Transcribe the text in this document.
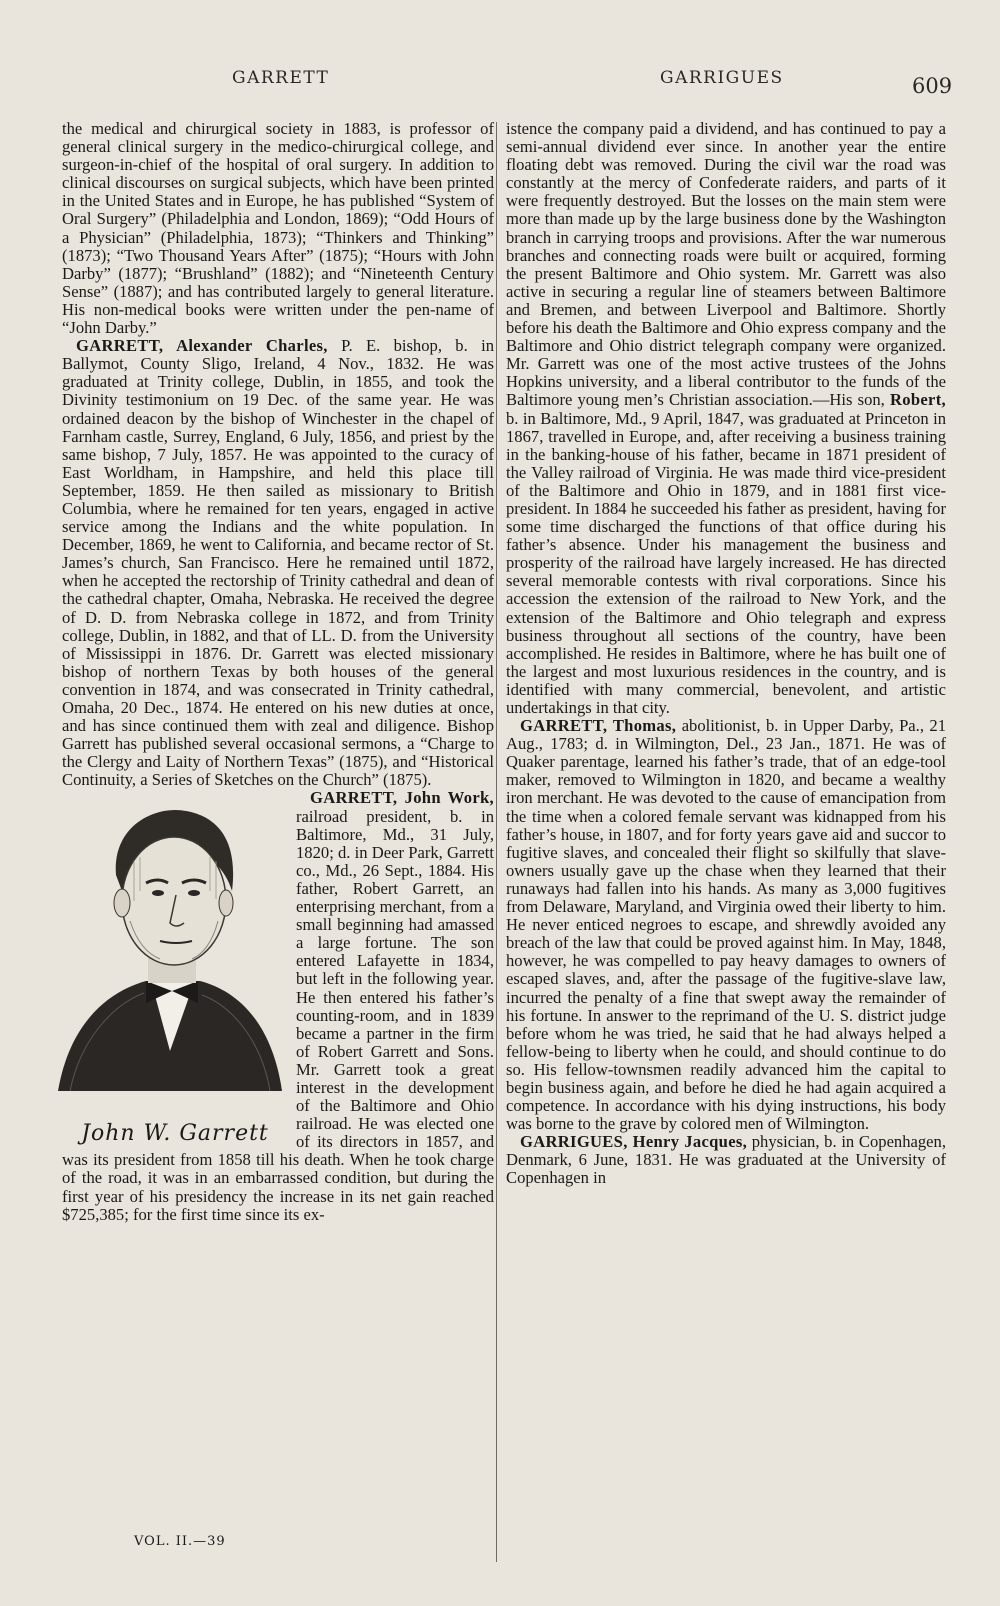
GARRETT	GARRIGUES	609

the medical and chirurgical society in 1883, is professor of general clinical surgery in the medico-chirurgical college, and surgeon-in-chief of the hospital of oral surgery. In addition to clinical discourses on surgical subjects, which have been printed in the United States and in Europe, he has published “System of Oral Surgery” (Philadelphia and London, 1869); “Odd Hours of a Physician” (Philadelphia, 1873); “Thinkers and Thinking” (1873); “Two Thousand Years After” (1875); “Hours with John Darby” (1877); “Brushland” (1882); and “Nineteenth Century Sense” (1887); and has contributed largely to general literature. His non-medical books were written under the pen-name of “John Darby.”

GARRETT, Alexander Charles, P. E. bishop, b. in Ballymot, County Sligo, Ireland, 4 Nov., 1832. He was graduated at Trinity college, Dublin, in 1855, and took the Divinity testimonium on 19 Dec. of the same year. He was ordained deacon by the bishop of Winchester in the chapel of Farnham castle, Surrey, England, 6 July, 1856, and priest by the same bishop, 7 July, 1857. He was appointed to the curacy of East Worldham, in Hampshire, and held this place till September, 1859. He then sailed as missionary to British Columbia, where he remained for ten years, engaged in active service among the Indians and the white population. In December, 1869, he went to California, and became rector of St. James’s church, San Francisco. Here he remained until 1872, when he accepted the rectorship of Trinity cathedral and dean of the cathedral chapter, Omaha, Nebraska. He received the degree of D. D. from Nebraska college in 1872, and from Trinity college, Dublin, in 1882, and that of LL. D. from the University of Mississippi in 1876. Dr. Garrett was elected missionary bishop of northern Texas by both houses of the general convention in 1874, and was consecrated in Trinity cathedral, Omaha, 20 Dec., 1874. He entered on his new duties at once, and has since continued them with zeal and diligence. Bishop Garrett has published several occasional sermons, a “Charge to the Clergy and Laity of Northern Texas” (1875), and “Historical Continuity, a Series of Sketches on the Church” (1875).

GARRETT, John Work,
John W. Garrett
railroad president, b. in Baltimore, Md., 31 July, 1820; d. in Deer Park, Garrett co., Md., 26 Sept., 1884. His father, Robert Garrett, an enterprising merchant, from a small beginning had amassed a large fortune. The son entered Lafayette in 1834, but left in the following year. He then entered his father’s counting-room, and in 1839 became a partner in the firm of Robert Garrett and Sons. Mr. Garrett took a great interest in the development of the Baltimore and Ohio railroad. He was elected one of its directors in 1857, and was its president from 1858 till his death. When he took charge of the road, it was in an embarrassed condition, but during the first year of his presidency the increase in its net gain reached $725,385; for the first time since its ex-

istence the company paid a dividend, and has continued to pay a semi-annual dividend ever since. In another year the entire floating debt was removed. During the civil war the road was constantly at the mercy of Confederate raiders, and parts of it were frequently destroyed. But the losses on the main stem were more than made up by the large business done by the Washington branch in carrying troops and provisions. After the war numerous branches and connecting roads were built or acquired, forming the present Baltimore and Ohio system. Mr. Garrett was also active in securing a regular line of steamers between Baltimore and Bremen, and between Liverpool and Baltimore. Shortly before his death the Baltimore and Ohio express company and the Baltimore and Ohio district telegraph company were organized. Mr. Garrett was one of the most active trustees of the Johns Hopkins university, and a liberal contributor to the funds of the Baltimore young men’s Christian association.—His son, Robert, b. in Baltimore, Md., 9 April, 1847, was graduated at Princeton in 1867, travelled in Europe, and, after receiving a business training in the banking-house of his father, became in 1871 president of the Valley railroad of Virginia. He was made third vice-president of the Baltimore and Ohio in 1879, and in 1881 first vice-president. In 1884 he succeeded his father as president, having for some time discharged the functions of that office during his father’s absence. Under his management the business and prosperity of the railroad have largely increased. He has directed several memorable contests with rival corporations. Since his accession the extension of the railroad to New York, and the extension of the Baltimore and Ohio telegraph and express business throughout all sections of the country, have been accomplished. He resides in Baltimore, where he has built one of the largest and most luxurious residences in the country, and is identified with many commercial, benevolent, and artistic undertakings in that city.

GARRETT, Thomas, abolitionist, b. in Upper Darby, Pa., 21 Aug., 1783; d. in Wilmington, Del., 23 Jan., 1871. He was of Quaker parentage, learned his father’s trade, that of an edge-tool maker, removed to Wilmington in 1820, and became a wealthy iron merchant. He was devoted to the cause of emancipation from the time when a colored female servant was kidnapped from his father’s house, in 1807, and for forty years gave aid and succor to fugitive slaves, and concealed their flight so skilfully that slave-owners usually gave up the chase when they learned that their runaways had fallen into his hands. As many as 3,000 fugitives from Delaware, Maryland, and Virginia owed their liberty to him. He never enticed negroes to escape, and shrewdly avoided any breach of the law that could be proved against him. In May, 1848, however, he was compelled to pay heavy damages to owners of escaped slaves, and, after the passage of the fugitive-slave law, incurred the penalty of a fine that swept away the remainder of his fortune. In answer to the reprimand of the U. S. district judge before whom he was tried, he said that he had always helped a fellow-being to liberty when he could, and should continue to do so. His fellow-townsmen readily advanced him the capital to begin business again, and before he died he had again acquired a competence. In accordance with his dying instructions, his body was borne to the grave by colored men of Wilmington.

GARRIGUES, Henry Jacques, physician, b. in Copenhagen, Denmark, 6 June, 1831. He was graduated at the University of Copenhagen in

VOL. II.—39
